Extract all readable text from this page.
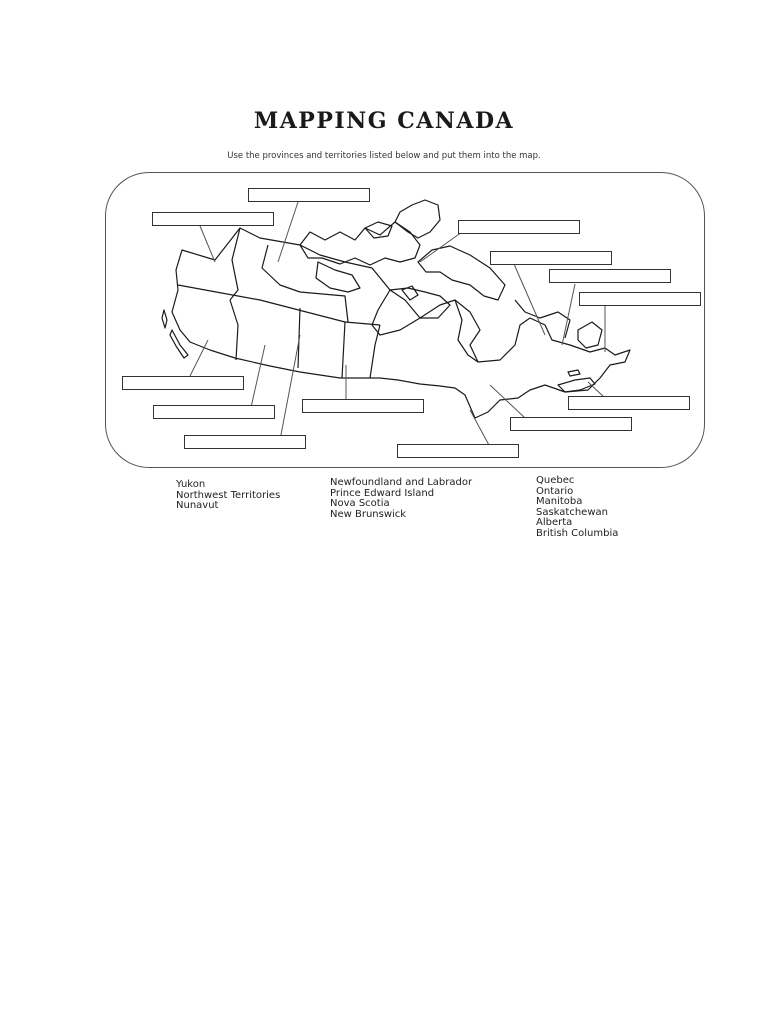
MAPPING CANADA
Use the provinces and territories listed below and put them into the map.
Yukon
Northwest Territories
Nunavut
Newfoundland and Labrador
Prince Edward Island
Nova Scotia
New Brunswick
Quebec
Ontario
Manitoba
Saskatchewan
Alberta
British Columbia
